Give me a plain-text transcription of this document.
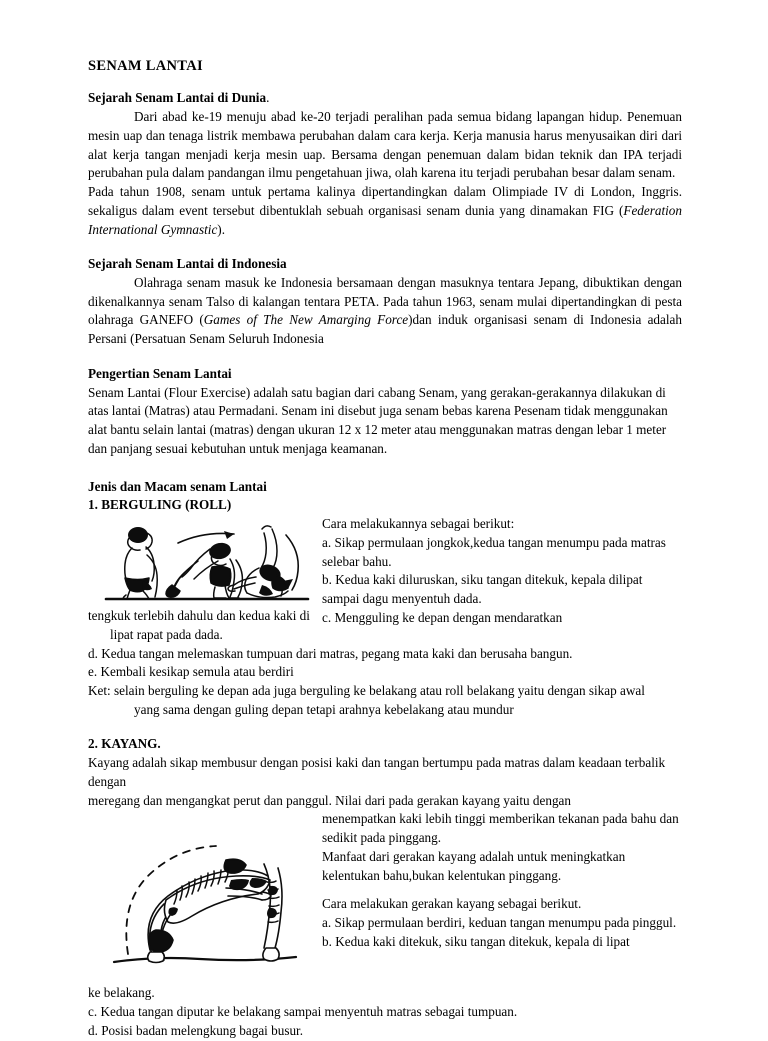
SENAM LANTAI
Sejarah Senam Lantai di Dunia.

Dari abad ke-19 menuju abad ke-20 terjadi peralihan pada semua bidang lapangan hidup. Penemuan mesin uap dan tenaga listrik membawa perubahan dalam cara kerja. Kerja manusia harus menyusaikan diri dari alat kerja tangan menjadi kerja mesin uap. Bersama dengan penemuan dalam bidan teknik dan IPA terjadi perubahan pula dalam pandangan ilmu pengetahuan jiwa, olah karena itu terjadi perubahan besar dalam senam.

Pada tahun 1908, senam untuk pertama kalinya dipertandingkan dalam Olimpiade IV di London, Inggris. sekaligus dalam event tersebut dibentuklah sebuah organisasi senam dunia yang dinamakan FIG (Federation International Gymnastic).

Sejarah Senam Lantai di Indonesia

Olahraga senam masuk ke Indonesia bersamaan dengan masuknya tentara Jepang, dibuktikan dengan dikenalkannya senam Talso di kalangan tentara PETA. Pada tahun 1963, senam mulai dipertandingkan di pesta olahraga GANEFO (Games of The New Amarging Force)dan induk organisasi senam di Indonesia adalah Persani (Persatuan Senam Seluruh Indonesia

Pengertian Senam Lantai

Senam Lantai (Flour Exercise) adalah satu bagian dari cabang Senam, yang gerakan-gerakannya dilakukan di atas lantai (Matras) atau Permadani. Senam ini disebut juga senam bebas karena Pesenam tidak menggunakan alat bantu selain lantai (matras) dengan ukuran 12 x 12 meter atau menggunakan matras dengan lebar 1 meter dan panjang sesuai kebutuhan untuk menjaga keamanan.

Jenis dan Macam senam Lantai
1. BERGULING (ROLL)

Cara melakukannya sebagai berikut:

a. Sikap permulaan jongkok,kedua tangan menumpu pada matras selebar bahu.

b. Kedua kaki diluruskan, siku tangan ditekuk, kepala dilipat sampai dagu menyentuh dada.

c. Mengguling ke depan dengan mendaratkan

tengkuk terlebih dahulu dan kedua kaki di

lipat rapat pada dada.

d. Kedua tangan melemaskan tumpuan dari matras, pegang mata kaki dan berusaha bangun.

e. Kembali kesikap semula atau berdiri

Ket: selain berguling ke depan ada juga berguling ke belakang atau roll belakang yaitu dengan sikap awal

yang sama dengan guling depan tetapi arahnya kebelakang atau mundur

2. KAYANG.

Kayang adalah sikap membusur dengan posisi kaki dan tangan bertumpu pada matras dalam keadaan terbalik dengan

meregang dan mengangkat perut dan panggul. Nilai dari pada gerakan kayang yaitu dengan

menempatkan kaki lebih tinggi memberikan tekanan pada bahu dan sedikit pada pinggang.

Manfaat dari gerakan kayang adalah untuk meningkatkan kelentukan bahu,bukan kelentukan pinggang.

Cara melakukan gerakan kayang sebagai berikut.

a. Sikap permulaan berdiri, keduan tangan menumpu pada pinggul.

b. Kedua kaki ditekuk, siku tangan ditekuk, kepala di lipat

ke belakang.

c. Kedua tangan diputar ke belakang sampai menyentuh matras sebagai tumpuan.

d. Posisi badan melengkung bagai busur.
